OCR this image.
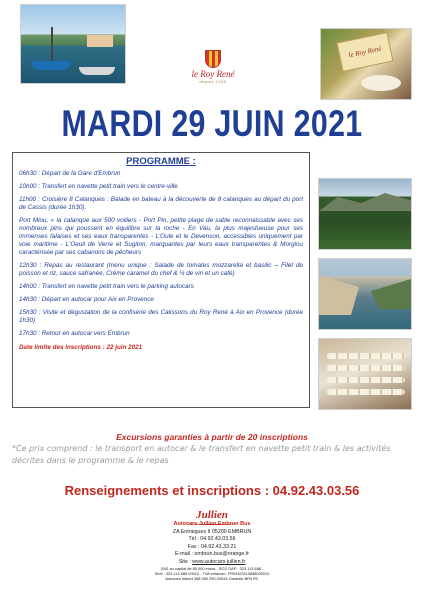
le Roy René
depuis 1920
le Roy René
MARDI 29 JUIN 2021
PROGRAMME :
06h30 : Départ de la Gare d'Embrun
10h00 : Transfert en navette petit train vers le centre-ville
11h00 : Croisière 8 Calanques : Balade en bateau à la découverte de 8 calanques au départ du port de Cassis (durée 1h30).
Port Miou, « la calanque aux 500 voiliers - Port Pin, petite plage de sable reconnaissable avec ses nombreux pins qui poussent en équilibre sur la roche - En Vau, la plus majestueuse pour ses immenses falaises et ses eaux transparentes - L'Oule et le Devenson, accessibles uniquement par voie maritime - L'Oeuil de Verre et Sugiton, marquantes par leurs eaux transparentes & Morgiou caractérisée par ses cabanons de pêcheurs
12h30 : Repas au restaurant (menu unique : Salade de tomates mozzarella et basilic – Filet de poisson et riz, sauce safranée, Crème caramel du chef & ¼ de vin et un café)
14h00 : Transfert en navette petit train vers le parking autocars
14h30 : Départ en autocar pour Aix en Provence
15h30 : Visite et dégustation de la confiserie des Calissons du Roy René à Aix en Provence (durée 1h30)
17h30 : Retour en autocar vers Embrun
Date limite des inscriptions : 22 juin 2021
Excursions garanties à partir de 20 inscriptions
*Ce prix comprend : le transport en autocar & le transfert en navette petit train & les activités décrites dans le programme & le repas
Renseignements et inscriptions : 04.92.43.03.56
Jullien
Autocars Jullien Embrun Bus
ZA Entraigues II 05200 EMBRUN
Tél : 04.92.43.03.56
Fax : 04.92.43.33.21
E-mail : embrun.bus@orange.fr
Site : www.autocars-jullien.fr
SAS au capital de 85 000 euros - RCS GAP · 323 113 688 -
Siret : 323 113 688 00010 - TVA intracom. FR94323113688000010
Autocars Imbert 358 950 290 00044 Garantie BPA RC
